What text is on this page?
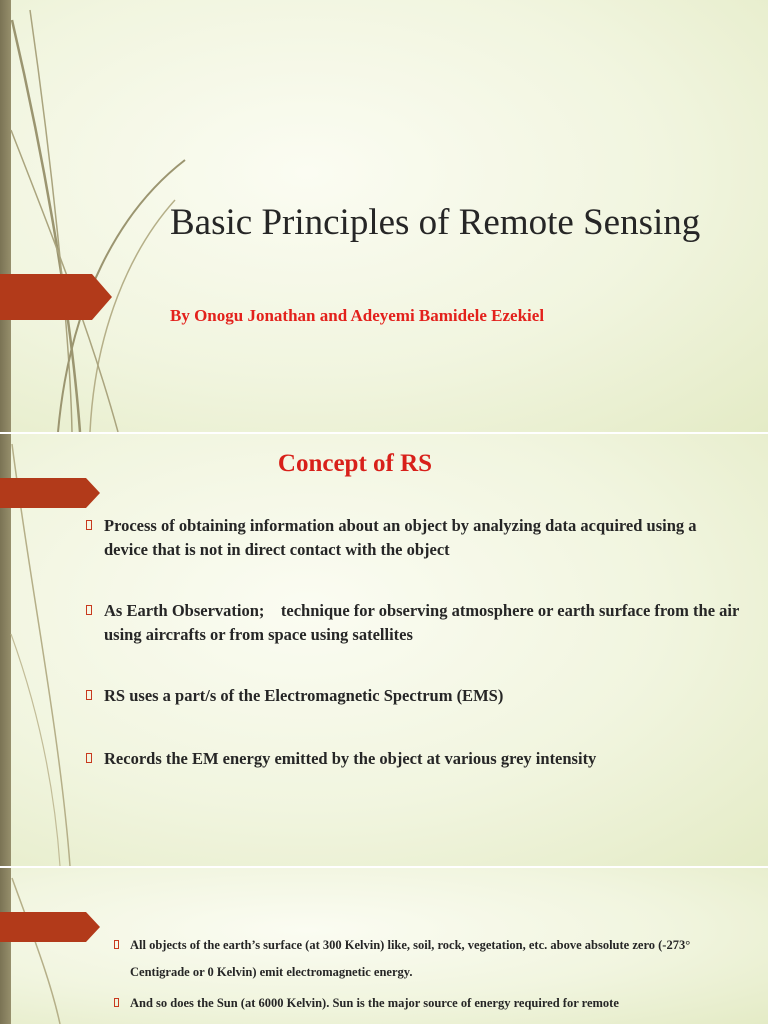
Basic Principles of Remote Sensing

By Onogu Jonathan and Adeyemi Bamidele Ezekiel

Concept of RS
Process of obtaining information about an object by analyzing data acquired using a device that is not in direct contact with the object
As Earth Observation;    technique for observing atmosphere or earth surface from the air using aircrafts or from space using satellites
RS uses a part/s of the Electromagnetic Spectrum (EMS)
Records the EM energy emitted by the object at various grey intensity
All objects of the earth’s surface (at 300 Kelvin) like, soil, rock, vegetation, etc. above absolute zero (-273° Centigrade or 0 Kelvin) emit electromagnetic energy.
And so does the Sun (at 6000 Kelvin). Sun is the major source of energy required for remote
